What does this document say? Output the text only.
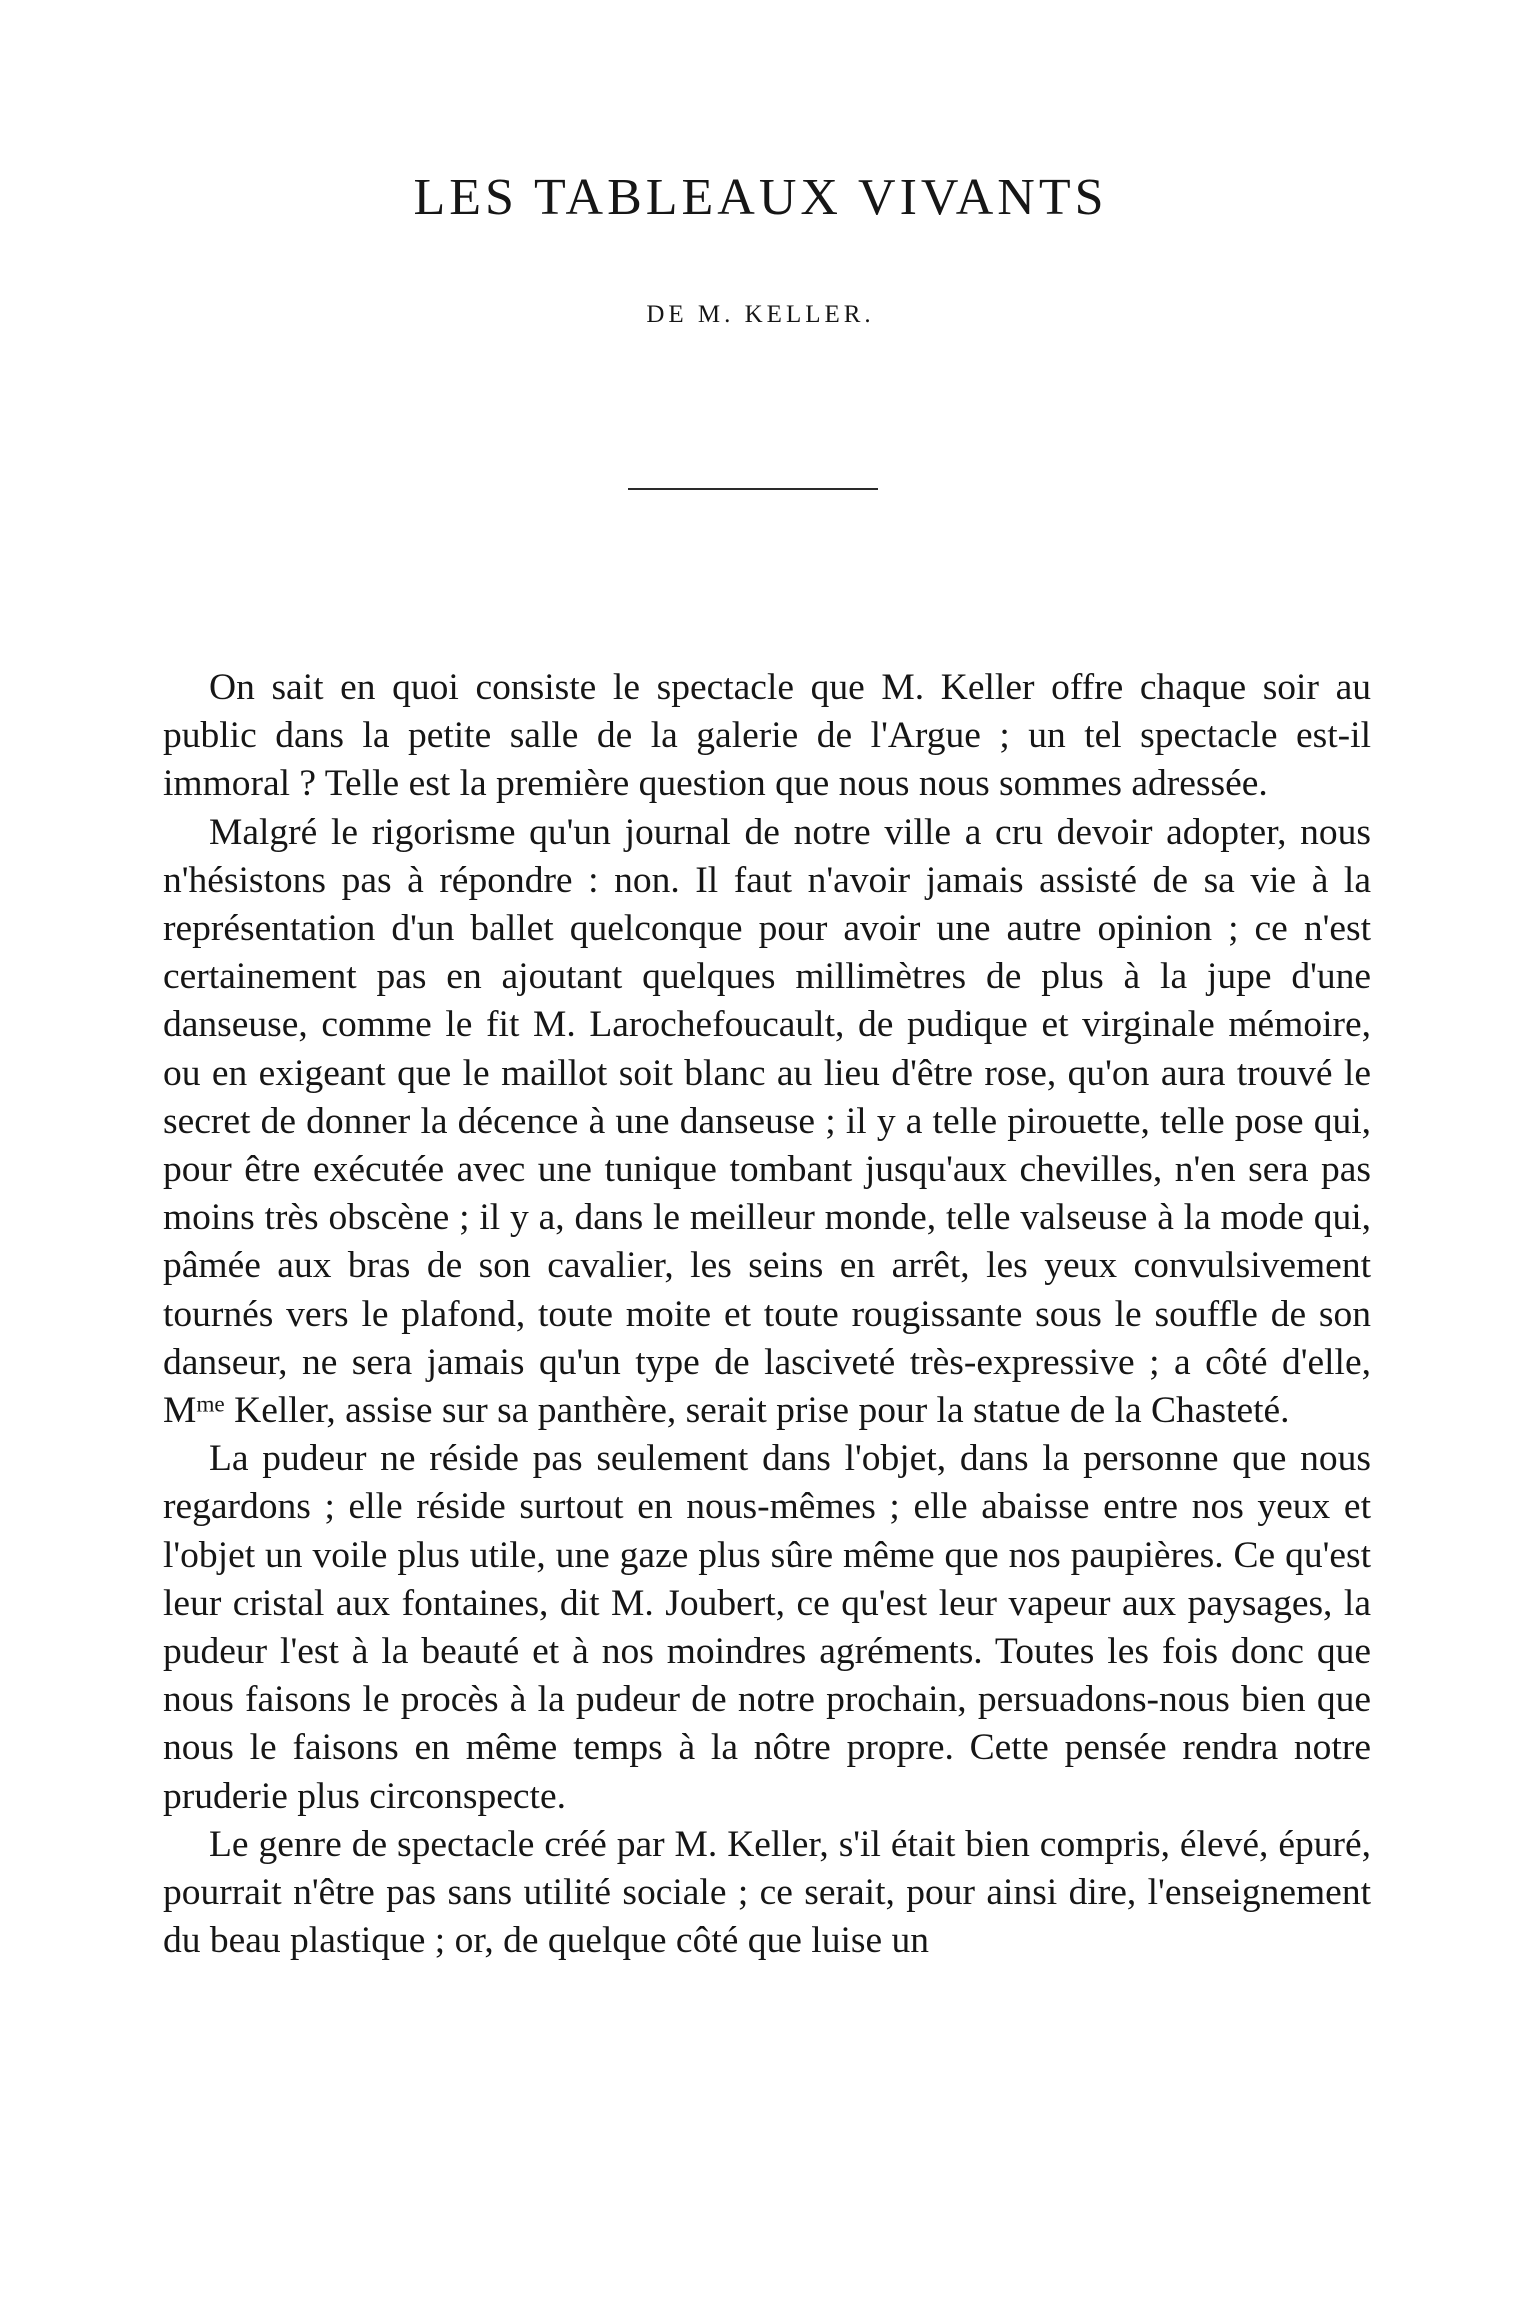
LES TABLEAUX VIVANTS
DE M. KELLER.

On sait en quoi consiste le spectacle que M. Keller offre chaque soir au public dans la petite salle de la galerie de l'Argue ; un tel spectacle est-il immoral ? Telle est la première question que nous nous sommes adressée.

Malgré le rigorisme qu'un journal de notre ville a cru devoir adopter, nous n'hésistons pas à répondre : non. Il faut n'avoir jamais assisté de sa vie à la représentation d'un ballet quelconque pour avoir une autre opinion ; ce n'est certainement pas en ajoutant quelques millimètres de plus à la jupe d'une danseuse, comme le fit M. Larochefoucault, de pudique et virginale mémoire, ou en exigeant que le maillot soit blanc au lieu d'être rose, qu'on aura trouvé le secret de donner la décence à une danseuse ; il y a telle pirouette, telle pose qui, pour être exécutée avec une tunique tombant jusqu'aux chevilles, n'en sera pas moins très obscène ; il y a, dans le meilleur monde, telle valseuse à la mode qui, pâmée aux bras de son cavalier, les seins en arrêt, les yeux convulsivement tournés vers le plafond, toute moite et toute rougissante sous le souffle de son danseur, ne sera jamais qu'un type de lasciveté très-expressive ; a côté d'elle, $M^{me}$ Keller, assise sur sa panthère, serait prise pour la statue de la Chasteté.

La pudeur ne réside pas seulement dans l'objet, dans la personne que nous regardons ; elle réside surtout en nous-mêmes ; elle abaisse entre nos yeux et l'objet un voile plus utile, une gaze plus sûre même que nos paupières. Ce qu'est leur cristal aux fontaines, dit M. Joubert, ce qu'est leur vapeur aux paysages, la pudeur l'est à la beauté et à nos moindres agréments. Toutes les fois donc que nous faisons le procès à la pudeur de notre prochain, persuadons-nous bien que nous le faisons en même temps à la nôtre propre. Cette pensée rendra notre pruderie plus circonspecte.

Le genre de spectacle créé par M. Keller, s'il était bien compris, élevé, épuré, pourrait n'être pas sans utilité sociale ; ce serait, pour ainsi dire, l'enseignement du beau plastique ; or, de quelque côté que luise un
